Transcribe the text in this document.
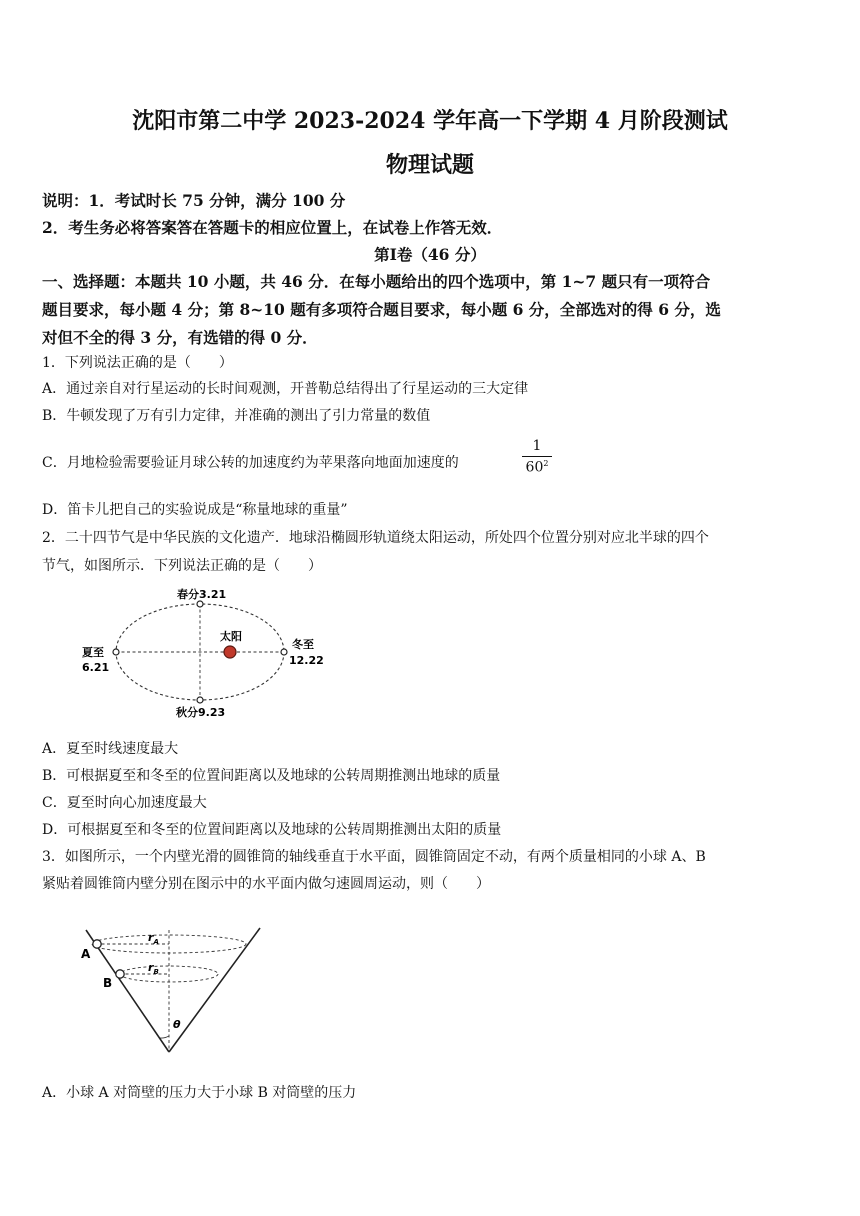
沈阳市第二中学 2023-2024 学年高一下学期 4 月阶段测试
物理试题
说明：1．考试时长 75 分钟，满分 100 分
2．考生务必将答案答在答题卡的相应位置上，在试卷上作答无效．
第Ⅰ卷（46 分）
一、选择题：本题共 10 小题，共 46 分．在每小题给出的四个选项中，第 1~7 题只有一项符合
题目要求，每小题 4 分；第 8~10 题有多项符合题目要求，每小题 6 分，全部选对的得 6 分，选
对但不全的得 3 分，有选错的得 0 分．
1．下列说法正确的是（　　）
A．通过亲自对行星运动的长时间观测，开普勒总结得出了行星运动的三大定律
B．牛顿发现了万有引力定律，并准确的测出了引力常量的数值
C．月地检验需要验证月球公转的加速度约为苹果落向地面加速度的
1
$60^2$
D．笛卡儿把自己的实验说成是“称量地球的重量”
2．二十四节气是中华民族的文化遗产．地球沿椭圆形轨道绕太阳运动，所处四个位置分别对应北半球的四个
节气，如图所示．下列说法正确的是（　　）
春分3.21
太阳
冬至
12.22
夏至
6.21
秋分9.23
A．夏至时线速度最大
B．可根据夏至和冬至的位置间距离以及地球的公转周期推测出地球的质量
C．夏至时向心加速度最大
D．可根据夏至和冬至的位置间距离以及地球的公转周期推测出太阳的质量
3．如图所示，一个内壁光滑的圆锥筒的轴线垂直于水平面，圆锥筒固定不动，有两个质量相同的小球 A、B
紧贴着圆锥筒内壁分别在图示中的水平面内做匀速圆周运动，则（　　）
A
B
$r_A$
$r_B$
θ
A．小球 A 对筒壁的压力大于小球 B 对筒壁的压力
